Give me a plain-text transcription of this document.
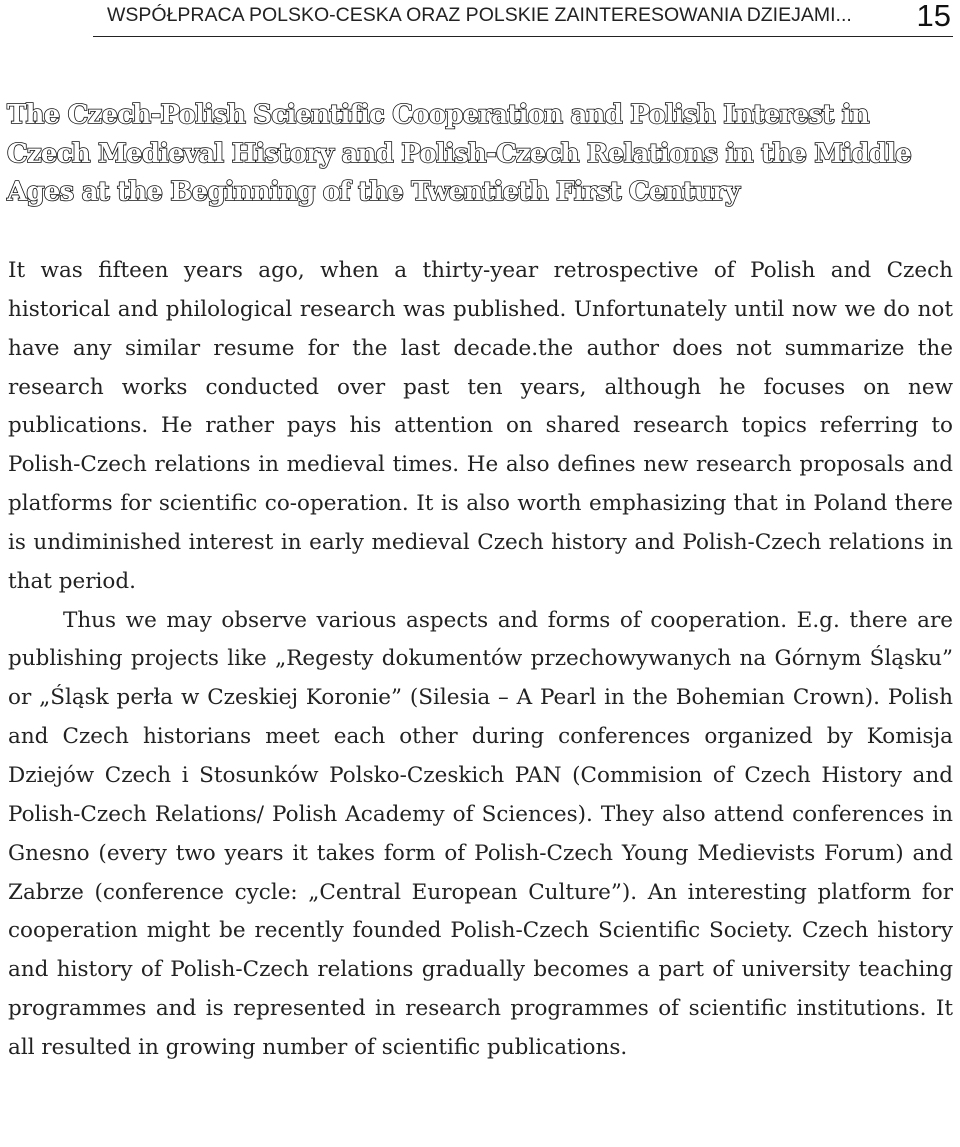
WSPÓŁPRACA POLSKO-CESKA ORAZ POLSKIE ZAINTERESOWANIA DZIEJAMI... 15
The Czech-Polish Scientific Cooperation and Polish Interest in Czech Medieval History and Polish-Czech Relations in the Middle Ages at the Beginning of the Twentieth First Century

It was fifteen years ago, when a thirty-year retrospective of Polish and Czech historical and philological research was published. Unfortunately until now we do not have any similar resume for the last decade.the author does not summarize the research works conducted over past ten years, although he focuses on new publications. He rather pays his attention on shared research topics referring to Polish-Czech relations in medieval times. He also defines new research proposals and platforms for scientific co-operation. It is also worth emphasizing that in Poland there is undiminished interest in early medieval Czech history and Polish-Czech relations in that period.

Thus we may observe various aspects and forms of cooperation. E.g. there are publishing projects like „Regesty dokumentów przechowywanych na Górnym Śląsku” or „Śląsk perła w Czeskiej Koronie” (Silesia – A Pearl in the Bohemian Crown). Polish and Czech historians meet each other during conferences organized by Komisja Dziejów Czech i Stosunków Polsko-Czeskich PAN (Commision of Czech History and Polish-Czech Relations/ Polish Academy of Sciences). They also attend conferences in Gnesno (every two years it takes form of Polish-Czech Young Medievists Forum) and Zabrze (conference cycle: „Central European Culture”). An interesting platform for cooperation might be recently founded Polish-Czech Scientific Society. Czech history and history of Polish-Czech relations gradually becomes a part of university teaching programmes and is represented in research programmes of scientific institutions. It all resulted in growing number of scientific publications.
